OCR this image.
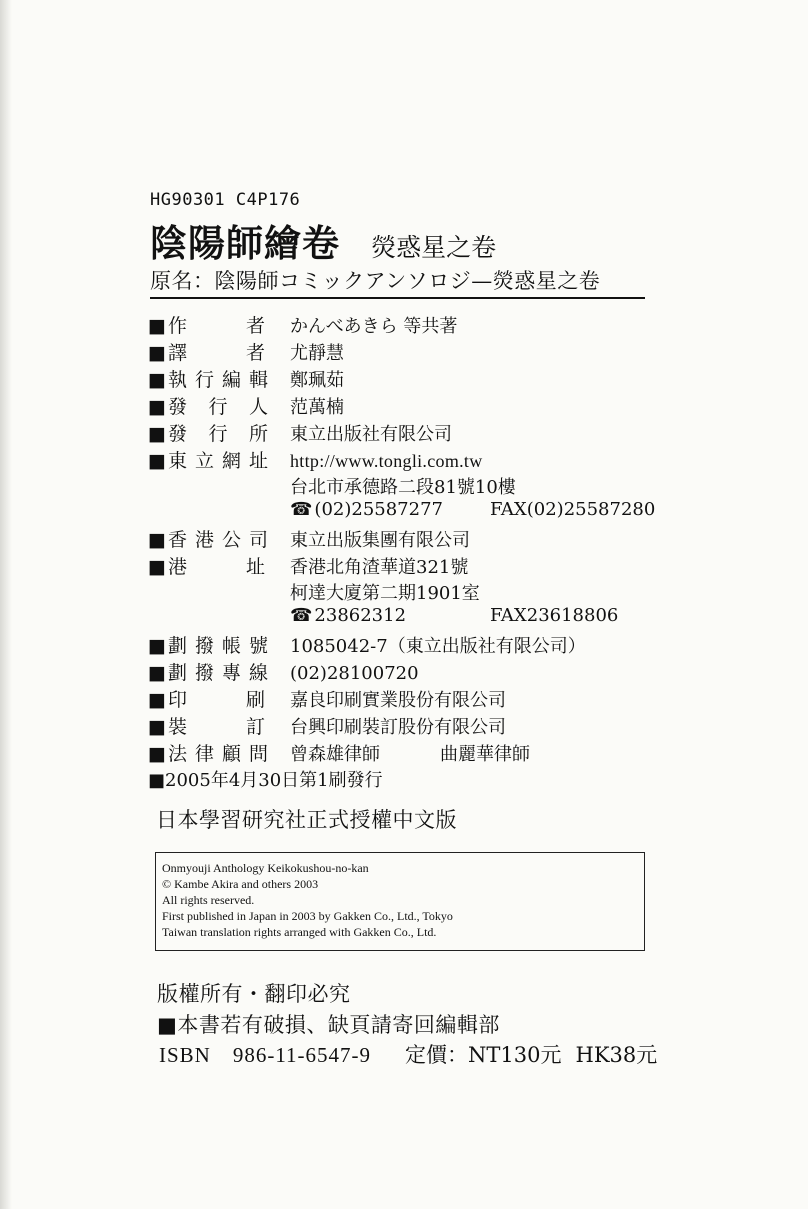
HG90301 C4P176
陰陽師繪卷 熒惑星之卷
原名：陰陽師コミックアンソロジ—熒惑星之卷
■ 作　者	かんべあきら 等共著
■ 譯　者	尤靜慧
■ 執行編輯	鄭珮茹
■ 發 行 人	范萬楠
■ 發 行 所	東立出版社有限公司
■ 東立網址	http://www.tongli.com.tw
台北市承德路二段81號10樓
☎ (02)25587277	FAX(02)25587280
■ 香港公司	東立出版集團有限公司
■ 港　址	香港北角渣華道321號
柯達大廈第二期1901室
☎ 23862312	FAX23618806
■ 劃撥帳號	1085042-7（東立出版社有限公司）
■ 劃撥專線	(02)28100720
■ 印　刷	嘉良印刷實業股份有限公司
■ 裝　訂	台興印刷裝訂股份有限公司
■ 法律顧問	曾森雄律師	曲麗華律師
■2005年4月30日第1刷發行
日本學習研究社正式授權中文版
Onmyouji Anthology Keikokushou-no-kan
© Kambe Akira and others 2003
All rights reserved.
First published in Japan in 2003 by Gakken Co., Ltd., Tokyo
Taiwan translation rights arranged with Gakken Co., Ltd.
版權所有・翻印必究
■本書若有破損、缺頁請寄回編輯部
ISBN　986-11-6547-9 定價：NT130元 HK38元
